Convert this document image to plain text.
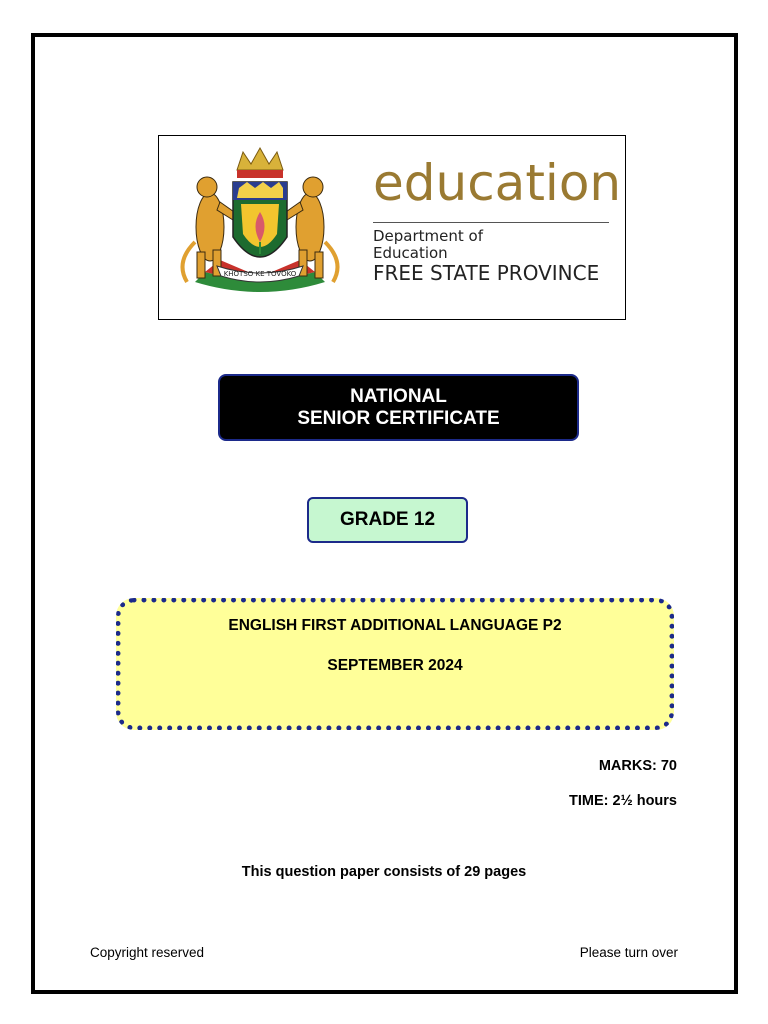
KHOTSO KE TOVOKO
education
Department of
Education
FREE STATE PROVINCE
NATIONAL
SENIOR CERTIFICATE
GRADE 12
ENGLISH FIRST ADDITIONAL LANGUAGE P2
SEPTEMBER 2024
MARKS: 70
TIME: 2½ hours
This question paper consists of 29 pages
Copyright reserved	Please turn over
